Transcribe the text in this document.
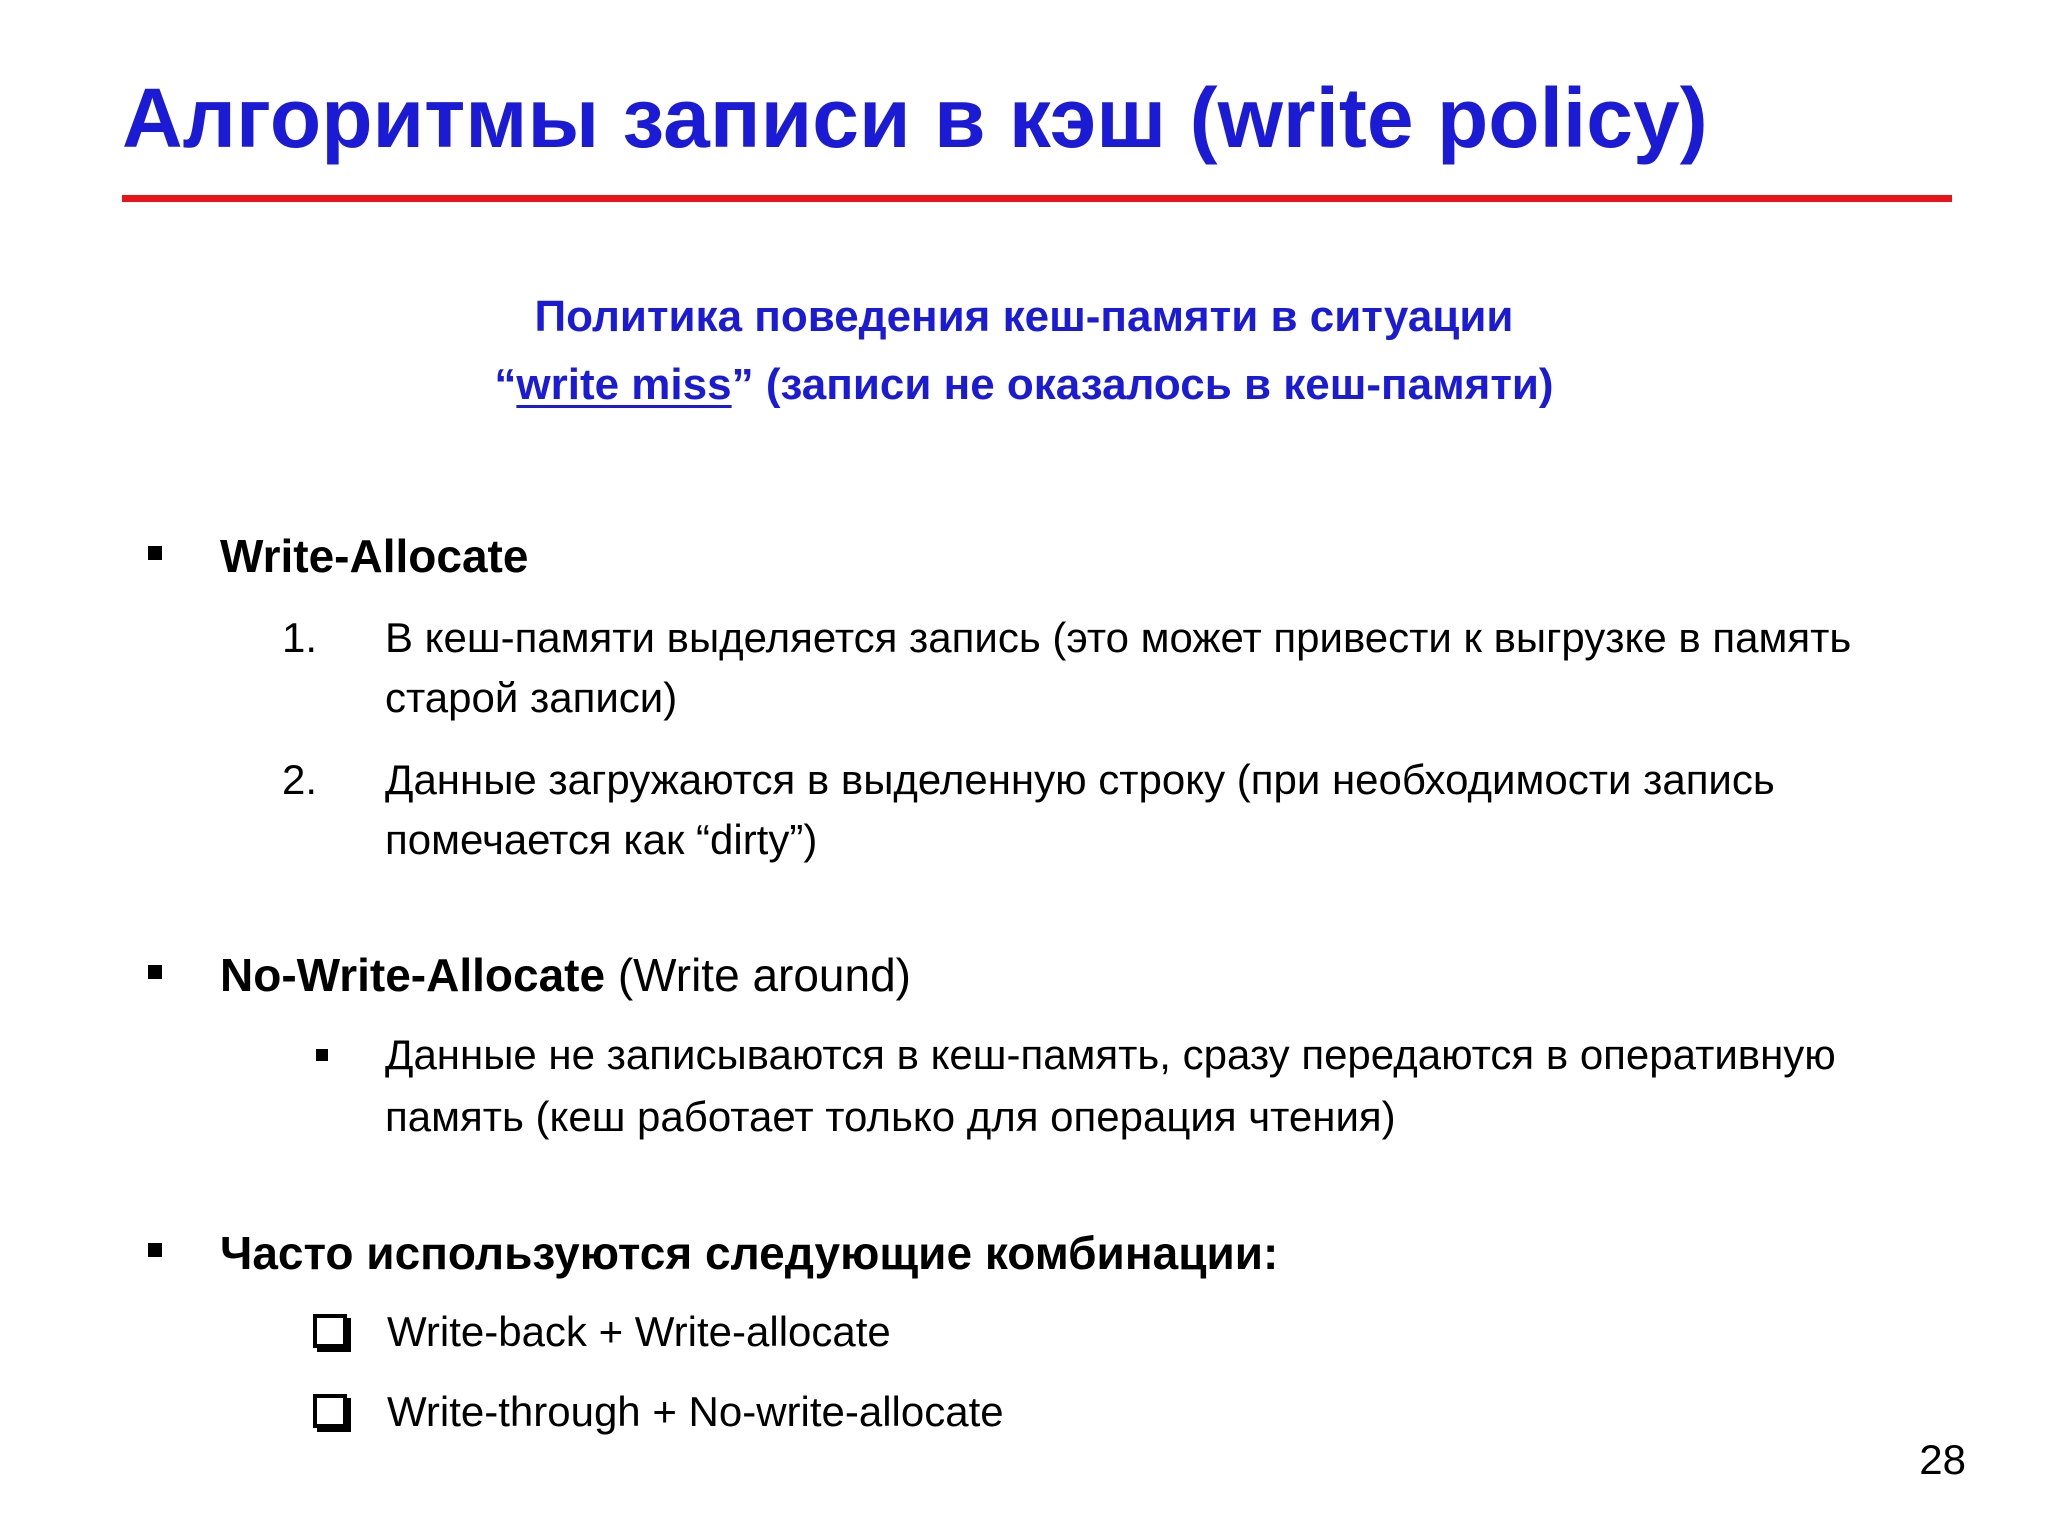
Алгоритмы записи в кэш (write policy)
Политика поведения кеш-памяти в ситуации
“write miss” (записи не оказалось в кеш-памяти)
Write-Allocate
1. В кеш-памяти выделяется запись (это может привести к выгрузке в память старой записи)
2. Данные загружаются в выделенную строку (при необходимости запись помечается как “dirty”)
No-Write-Allocate (Write around)
Данные не записываются в кеш-память, сразу передаются в оперативную память (кеш работает только для операция чтения)
Часто используются следующие комбинации:
Write-back + Write-allocate
Write-through + No-write-allocate
28
